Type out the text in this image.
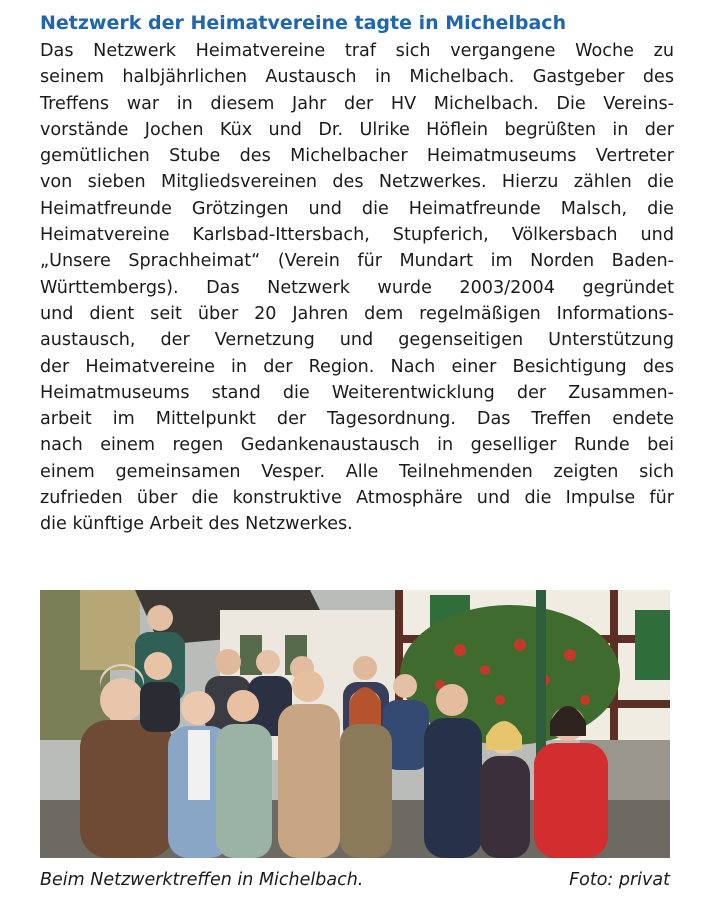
Netzwerk der Heimatvereine tagte in Michelbach

Das Netzwerk Heimatvereine traf sich vergangene Woche zu
seinem halbjährlichen Austausch in Michelbach. Gastgeber des
Treffens war in diesem Jahr der HV Michelbach. Die Vereins-
vorstände Jochen Küx und Dr. Ulrike Höflein begrüßten in der
gemütlichen Stube des Michelbacher Heimatmuseums Vertreter
von sieben Mitgliedsvereinen des Netzwerkes. Hierzu zählen die
Heimatfreunde Grötzingen und die Heimatfreunde Malsch, die
Heimatvereine Karlsbad-Ittersbach, Stupferich, Völkersbach und
„Unsere Sprachheimat“ (Verein für Mundart im Norden Baden-
Württembergs). Das Netzwerk wurde 2003/2004 gegründet
und dient seit über 20 Jahren dem regelmäßigen Informations-
austausch, der Vernetzung und gegenseitigen Unterstützung
der Heimatvereine in der Region. Nach einer Besichtigung des
Heimatmuseums stand die Weiterentwicklung der Zusammen-
arbeit im Mittelpunkt der Tagesordnung. Das Treffen endete
nach einem regen Gedankenaustausch in geselliger Runde bei
einem gemeinsamen Vesper. Alle Teilnehmenden zeigten sich
zufrieden über die konstruktive Atmosphäre und die Impulse für
die künftige Arbeit des Netzwerkes.

Beim Netzwerktreffen in Michelbach.	Foto: privat
